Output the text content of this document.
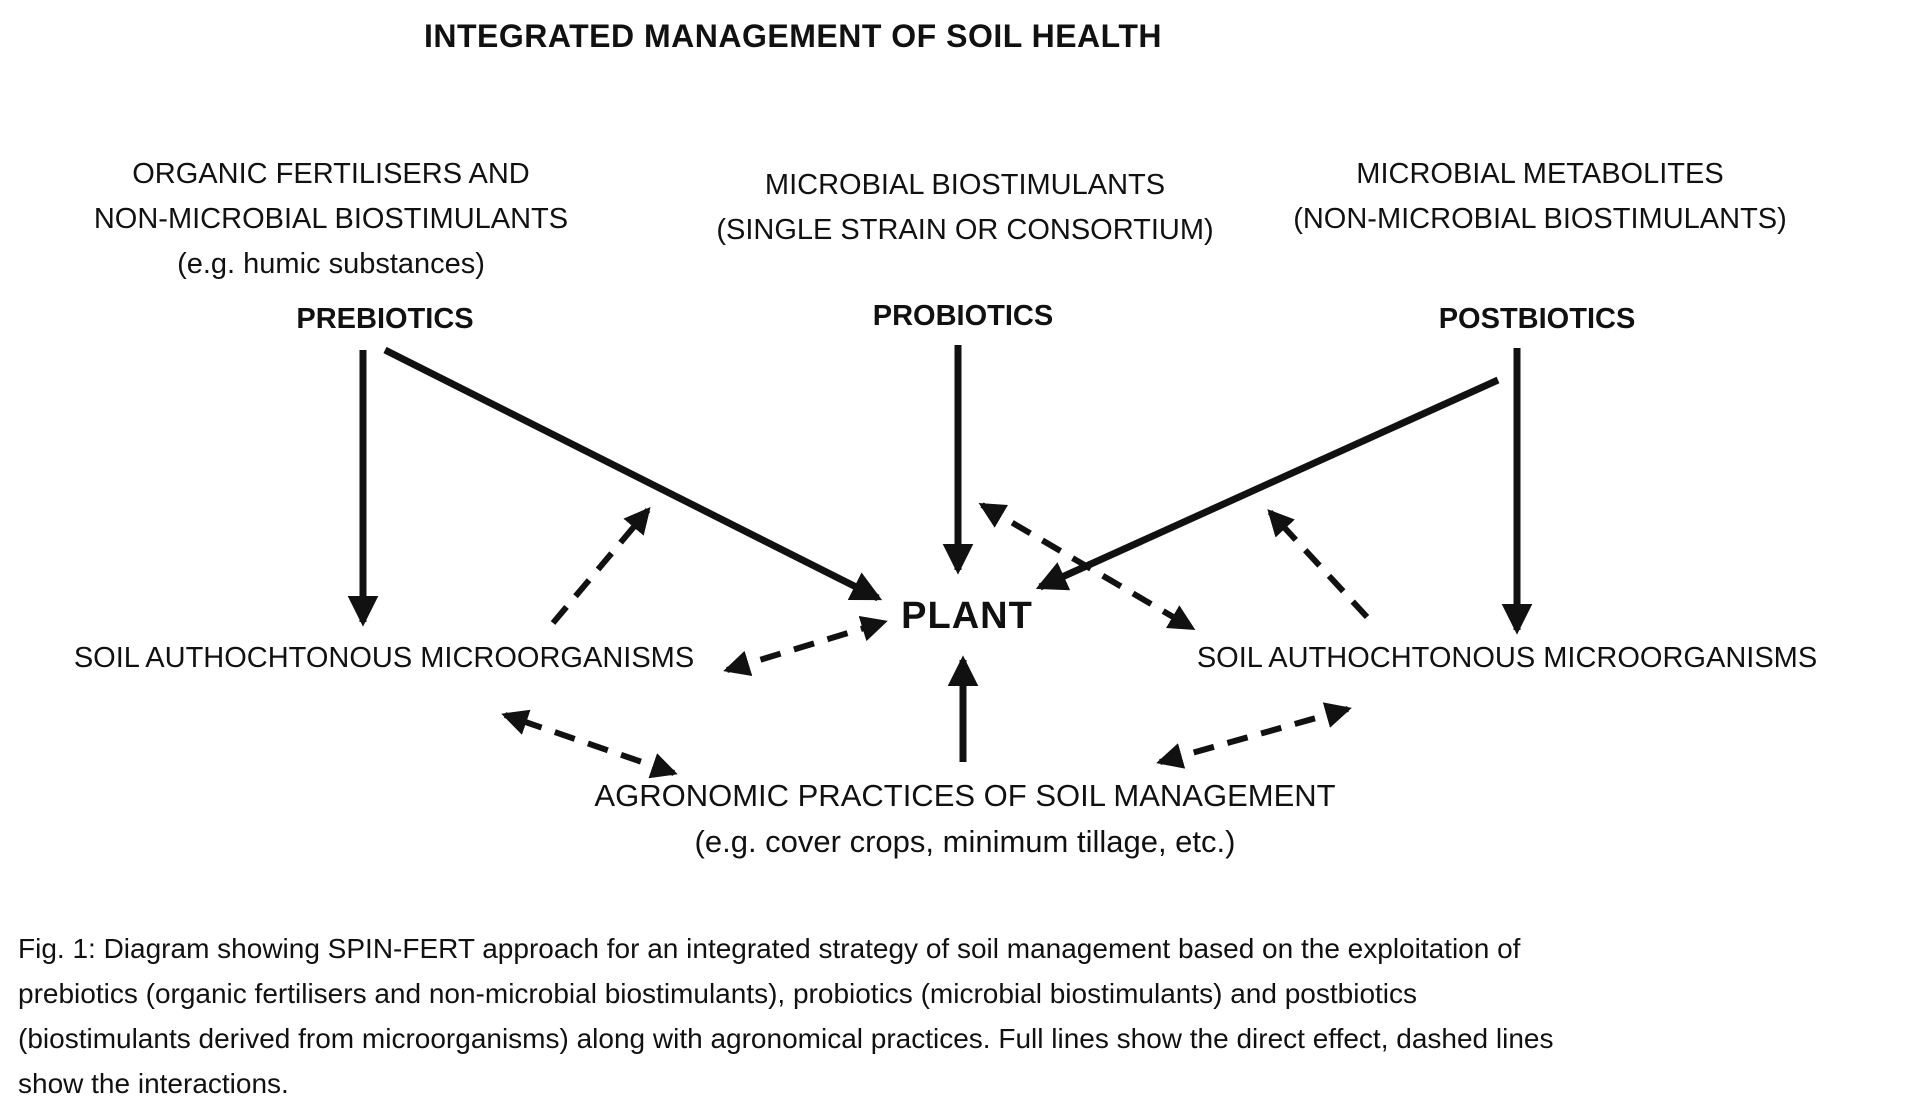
INTEGRATED MANAGEMENT OF SOIL HEALTH
ORGANIC FERTILISERS AND
NON-MICROBIAL BIOSTIMULANTS
(e.g. humic substances)
MICROBIAL BIOSTIMULANTS
(SINGLE STRAIN OR CONSORTIUM)
MICROBIAL METABOLITES
(NON-MICROBIAL BIOSTIMULANTS)
PREBIOTICS	PROBIOTICS	POSTBIOTICS
PLANT
SOIL AUTHOCHTONOUS MICROORGANISMS	SOIL AUTHOCHTONOUS MICROORGANISMS
AGRONOMIC PRACTICES OF SOIL MANAGEMENT
(e.g. cover crops, minimum tillage, etc.)
Fig. 1: Diagram showing SPIN-FERT approach for an integrated strategy of soil management based on the exploitation of
prebiotics (organic fertilisers and non-microbial biostimulants), probiotics (microbial biostimulants) and postbiotics
(biostimulants derived from microorganisms) along with agronomical practices. Full lines show the direct effect, dashed lines
show the interactions.
